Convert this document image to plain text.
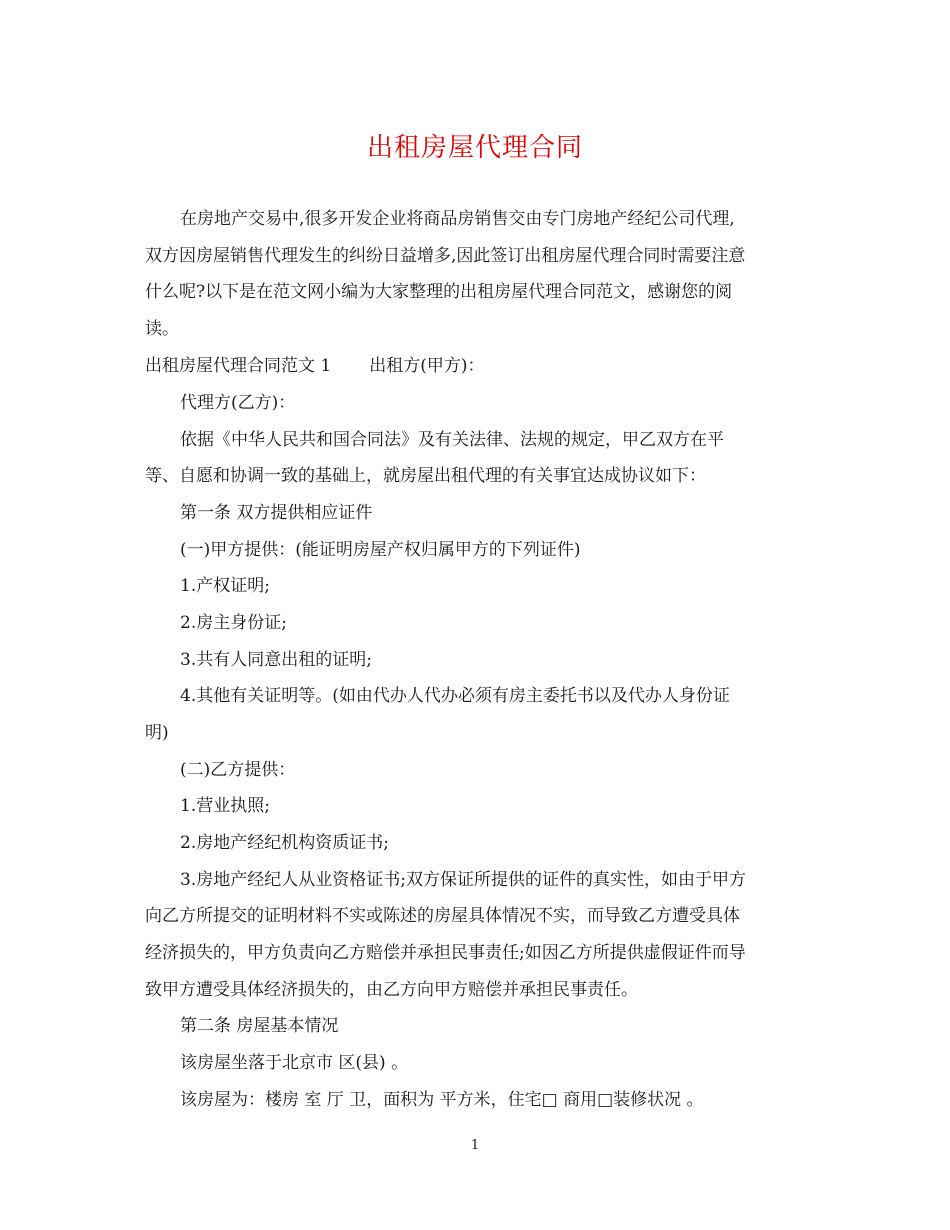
出租房屋代理合同
在房地产交易中,很多开发企业将商品房销售交由专门房地产经纪公司代理,
双方因房屋销售代理发生的纠纷日益增多,因此签订出租房屋代理合同时需要注意
什么呢?以下是在范文网小编为大家整理的出租房屋代理合同范文，感谢您的阅
读。
出租房屋代理合同范文 1 出租方(甲方)：
代理方(乙方)：
依据《中华人民共和国合同法》及有关法律、法规的规定，甲乙双方在平
等、自愿和协调一致的基础上，就房屋出租代理的有关事宜达成协议如下：
第一条 双方提供相应证件
(一)甲方提供：(能证明房屋产权归属甲方的下列证件)
1.产权证明;
2.房主身份证;
3.共有人同意出租的证明;
4.其他有关证明等。(如由代办人代办必须有房主委托书以及代办人身份证
明)
(二)乙方提供：
1.营业执照;
2.房地产经纪机构资质证书;
3.房地产经纪人从业资格证书;双方保证所提供的证件的真实性，如由于甲方
向乙方所提交的证明材料不实或陈述的房屋具体情况不实，而导致乙方遭受具体
经济损失的，甲方负责向乙方赔偿并承担民事责任;如因乙方所提供虚假证件而导
致甲方遭受具体经济损失的，由乙方向甲方赔偿并承担民事责任。
第二条 房屋基本情况
该房屋坐落于北京市 区(县) 。
该房屋为：楼房 室 厅 卫，面积为 平方米，住宅□ 商用□装修状况 。
1
